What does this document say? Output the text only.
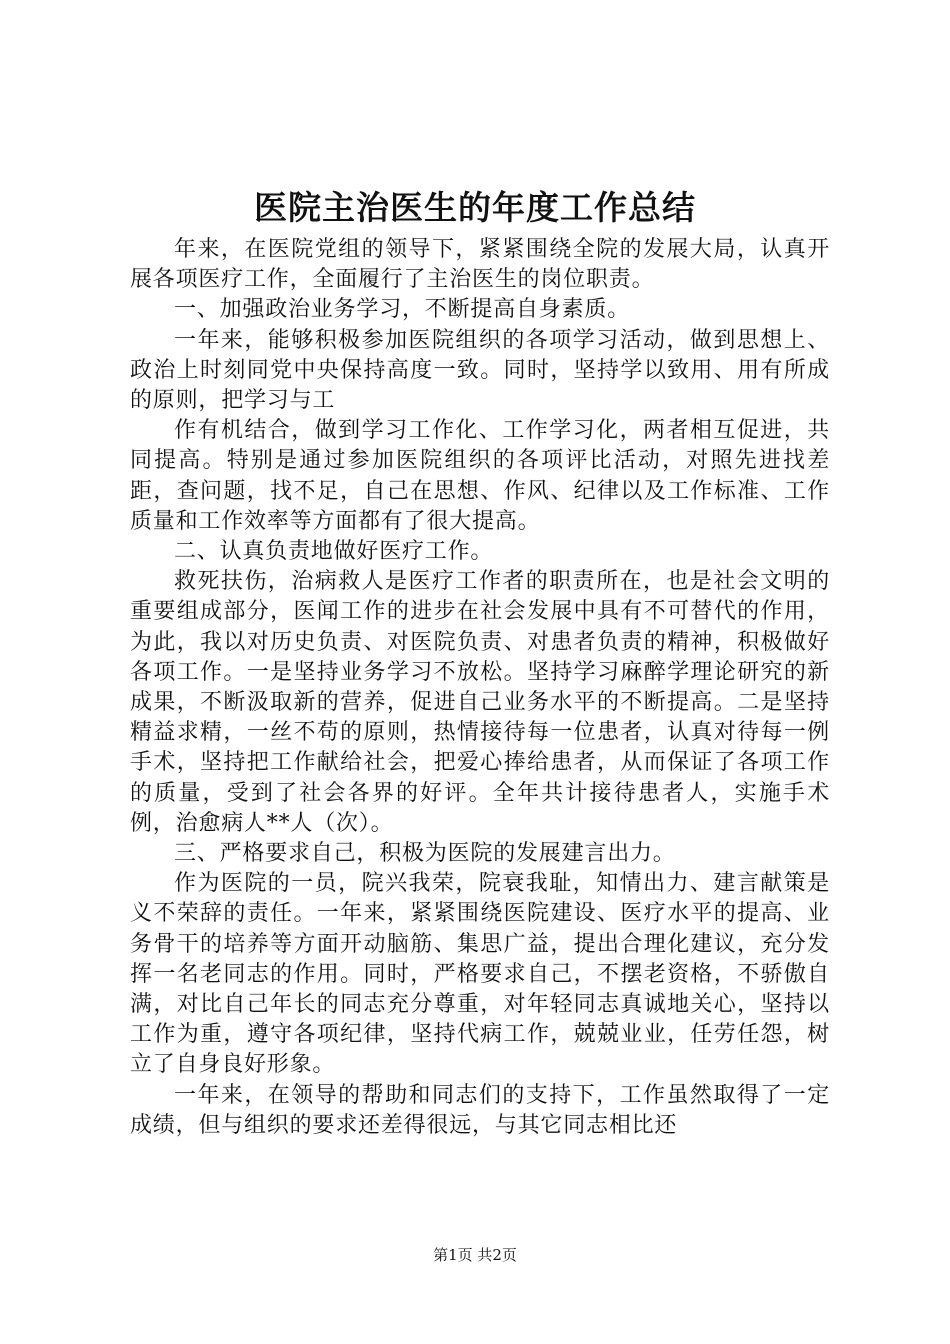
医院主治医生的年度工作总结

年来，在医院党组的领导下，紧紧围绕全院的发展大局，认真开展各项医疗工作，全面履行了主治医生的岗位职责。

一、加强政治业务学习，不断提高自身素质。

一年来，能够积极参加医院组织的各项学习活动，做到思想上、政治上时刻同党中央保持高度一致。同时，坚持学以致用、用有所成的原则，把学习与工

作有机结合，做到学习工作化、工作学习化，两者相互促进，共同提高。特别是通过参加医院组织的各项评比活动，对照先进找差距，查问题，找不足，自己在思想、作风、纪律以及工作标准、工作质量和工作效率等方面都有了很大提高。

二、认真负责地做好医疗工作。

救死扶伤，治病救人是医疗工作者的职责所在，也是社会文明的重要组成部分，医闻工作的进步在社会发展中具有不可替代的作用，为此，我以对历史负责、对医院负责、对患者负责的精神，积极做好各项工作。一是坚持业务学习不放松。坚持学习麻醉学理论研究的新成果，不断汲取新的营养，促进自己业务水平的不断提高。二是坚持精益求精，一丝不苟的原则，热情接待每一位患者，认真对待每一例手术，坚持把工作献给社会，把爱心捧给患者，从而保证了各项工作的质量，受到了社会各界的好评。全年共计接待患者人，实施手术例，治愈病人**人（次）。

三、严格要求自己，积极为医院的发展建言出力。

作为医院的一员，院兴我荣，院衰我耻，知情出力、建言献策是义不荣辞的责任。一年来，紧紧围绕医院建设、医疗水平的提高、业务骨干的培养等方面开动脑筋、集思广益，提出合理化建议，充分发挥一名老同志的作用。同时，严格要求自己，不摆老资格，不骄傲自满，对比自己年长的同志充分尊重，对年轻同志真诚地关心，坚持以工作为重，遵守各项纪律，坚持代病工作，兢兢业业，任劳任怨，树立了自身良好形象。

一年来，在领导的帮助和同志们的支持下，工作虽然取得了一定成绩，但与组织的要求还差得很远，与其它同志相比还

第1页 共2页
